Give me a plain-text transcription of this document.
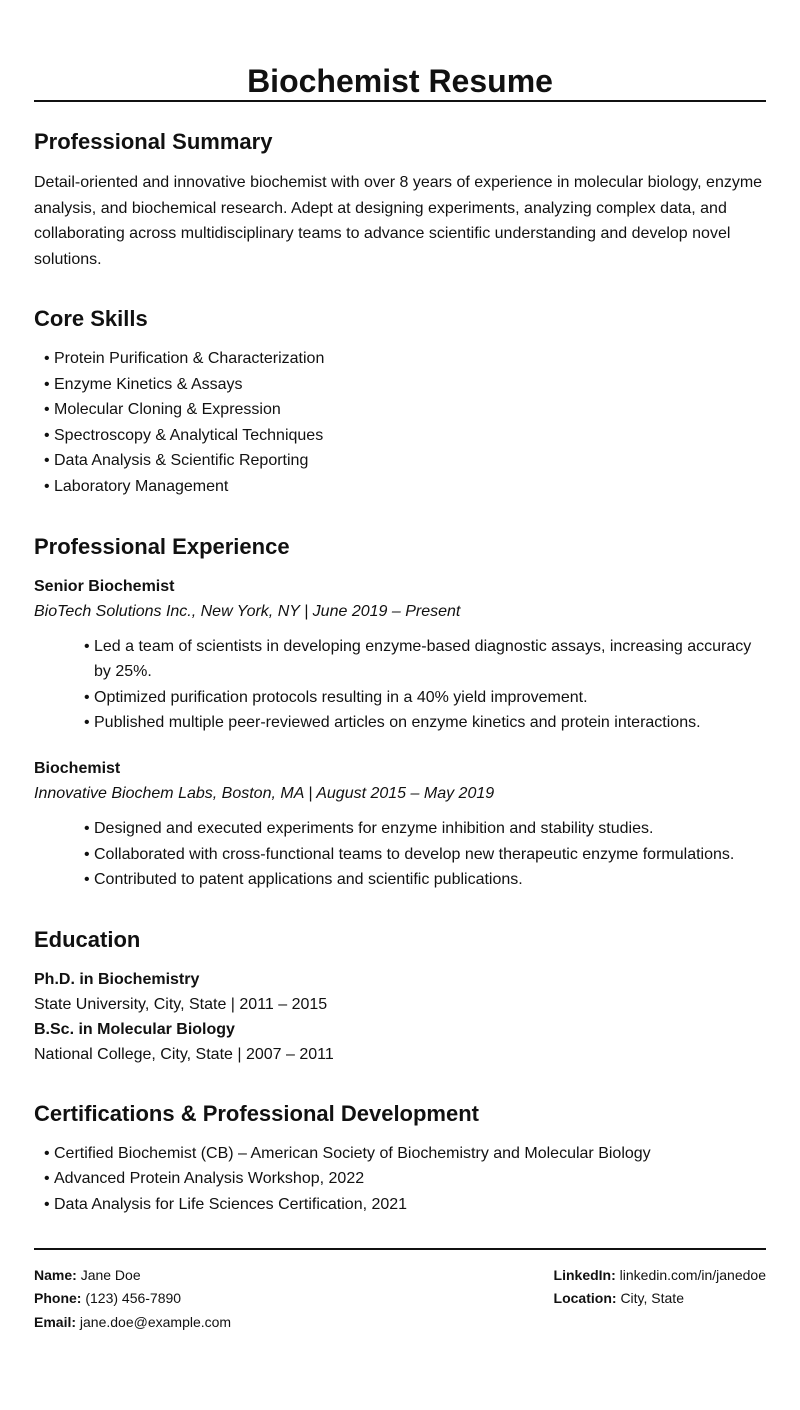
Biochemist Resume
Professional Summary

Detail-oriented and innovative biochemist with over 8 years of experience in molecular biology, enzyme analysis, and biochemical research. Adept at designing experiments, analyzing complex data, and collaborating across multidisciplinary teams to advance scientific understanding and develop novel solutions.

Core Skills
• Protein Purification & Characterization
• Enzyme Kinetics & Assays
• Molecular Cloning & Expression
• Spectroscopy & Analytical Techniques
• Data Analysis & Scientific Reporting
• Laboratory Management
Professional Experience
Senior Biochemist
BioTech Solutions Inc., New York, NY | June 2019 – Present
• Led a team of scientists in developing enzyme-based diagnostic assays, increasing accuracy by 25%.
• Optimized purification protocols resulting in a 40% yield improvement.
• Published multiple peer-reviewed articles on enzyme kinetics and protein interactions.
Biochemist
Innovative Biochem Labs, Boston, MA | August 2015 – May 2019
• Designed and executed experiments for enzyme inhibition and stability studies.
• Collaborated with cross-functional teams to develop new therapeutic enzyme formulations.
• Contributed to patent applications and scientific publications.
Education
Ph.D. in Biochemistry
State University, City, State | 2011 – 2015
B.Sc. in Molecular Biology
National College, City, State | 2007 – 2011
Certifications & Professional Development
• Certified Biochemist (CB) – American Society of Biochemistry and Molecular Biology
• Advanced Protein Analysis Workshop, 2022
• Data Analysis for Life Sciences Certification, 2021
Name: Jane Doe
Phone: (123) 456-7890
Email: jane.doe@example.com
LinkedIn: linkedin.com/in/janedoe
Location: City, State
